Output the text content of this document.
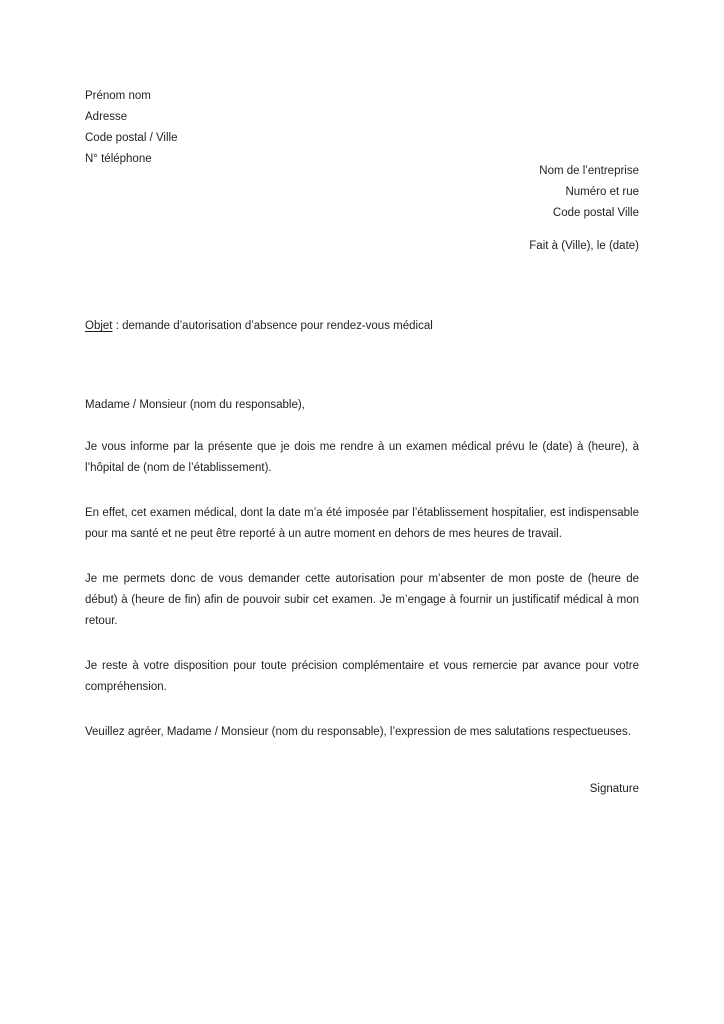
Prénom nom
Adresse
Code postal / Ville
N° téléphone
Nom de l’entreprise
Numéro et rue
Code postal Ville
Fait à (Ville), le (date)
Objet : demande d’autorisation d’absence pour rendez-vous médical

Madame / Monsieur (nom du responsable),

Je vous informe par la présente que je dois me rendre à un examen médical prévu le (date) à (heure), à l’hôpital de (nom de l’établissement).

En effet, cet examen médical, dont la date m’a été imposée par l’établissement hospitalier, est indispensable pour ma santé et ne peut être reporté à un autre moment en dehors de mes heures de travail.

Je me permets donc de vous demander cette autorisation pour m’absenter de mon poste de (heure de début) à (heure de fin) afin de pouvoir subir cet examen. Je m’engage à fournir un justificatif médical à mon retour.

Je reste à votre disposition pour toute précision complémentaire et vous remercie par avance pour votre compréhension.

Veuillez agréer, Madame / Monsieur (nom du responsable), l’expression de mes salutations respectueuses.

Signature
